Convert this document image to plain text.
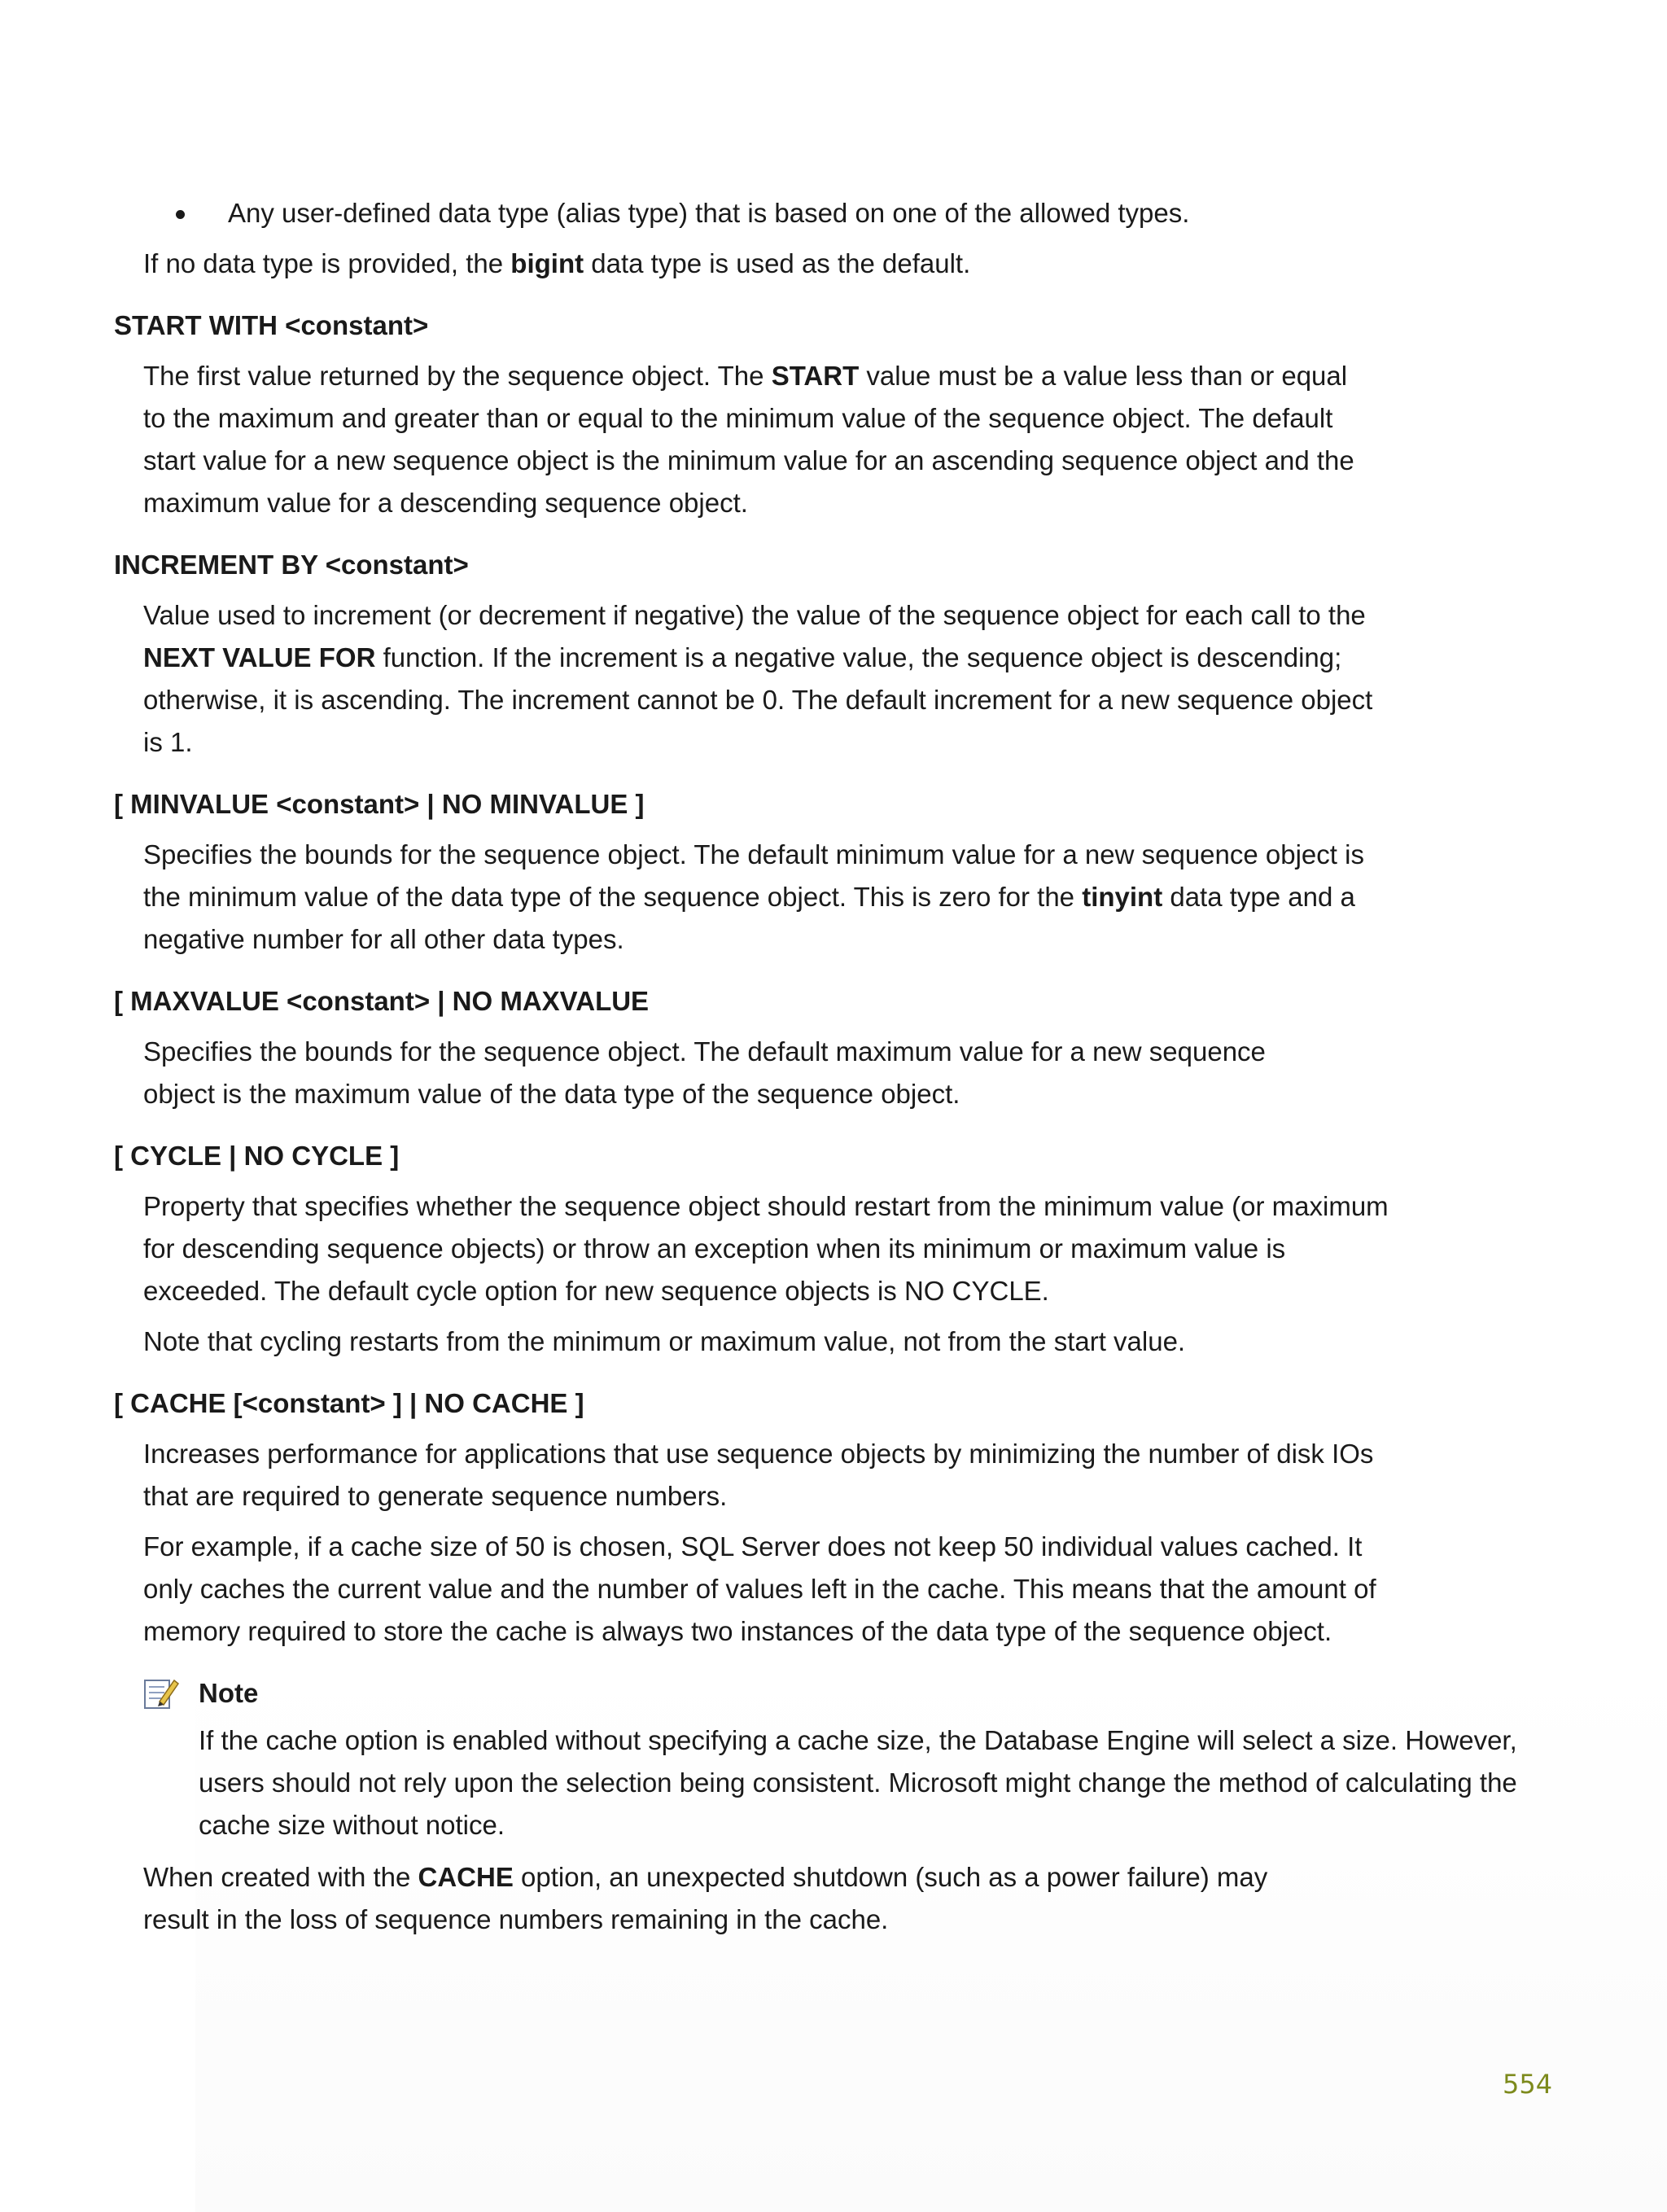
Any user-defined data type (alias type) that is based on one of the allowed types.
If no data type is provided, the bigint data type is used as the default.
START WITH <constant>
The first value returned by the sequence object. The START value must be a value less than or equal to the maximum and greater than or equal to the minimum value of the sequence object. The default start value for a new sequence object is the minimum value for an ascending sequence object and the maximum value for a descending sequence object.
INCREMENT BY <constant>
Value used to increment (or decrement if negative) the value of the sequence object for each call to the NEXT VALUE FOR function. If the increment is a negative value, the sequence object is descending; otherwise, it is ascending. The increment cannot be 0. The default increment for a new sequence object is 1.
[ MINVALUE <constant> | NO MINVALUE ]
Specifies the bounds for the sequence object. The default minimum value for a new sequence object is the minimum value of the data type of the sequence object. This is zero for the tinyint data type and a negative number for all other data types.
[ MAXVALUE <constant> | NO MAXVALUE
Specifies the bounds for the sequence object. The default maximum value for a new sequence object is the maximum value of the data type of the sequence object.
[ CYCLE | NO CYCLE ]
Property that specifies whether the sequence object should restart from the minimum value (or maximum for descending sequence objects) or throw an exception when its minimum or maximum value is exceeded. The default cycle option for new sequence objects is NO CYCLE.
Note that cycling restarts from the minimum or maximum value, not from the start value.
[ CACHE [<constant> ] | NO CACHE ]
Increases performance for applications that use sequence objects by minimizing the number of disk IOs that are required to generate sequence numbers.
For example, if a cache size of 50 is chosen, SQL Server does not keep 50 individual values cached. It only caches the current value and the number of values left in the cache. This means that the amount of memory required to store the cache is always two instances of the data type of the sequence object.
Note
If the cache option is enabled without specifying a cache size, the Database Engine will select a size. However, users should not rely upon the selection being consistent. Microsoft might change the method of calculating the cache size without notice.
When created with the CACHE option, an unexpected shutdown (such as a power failure) may result in the loss of sequence numbers remaining in the cache.
554
